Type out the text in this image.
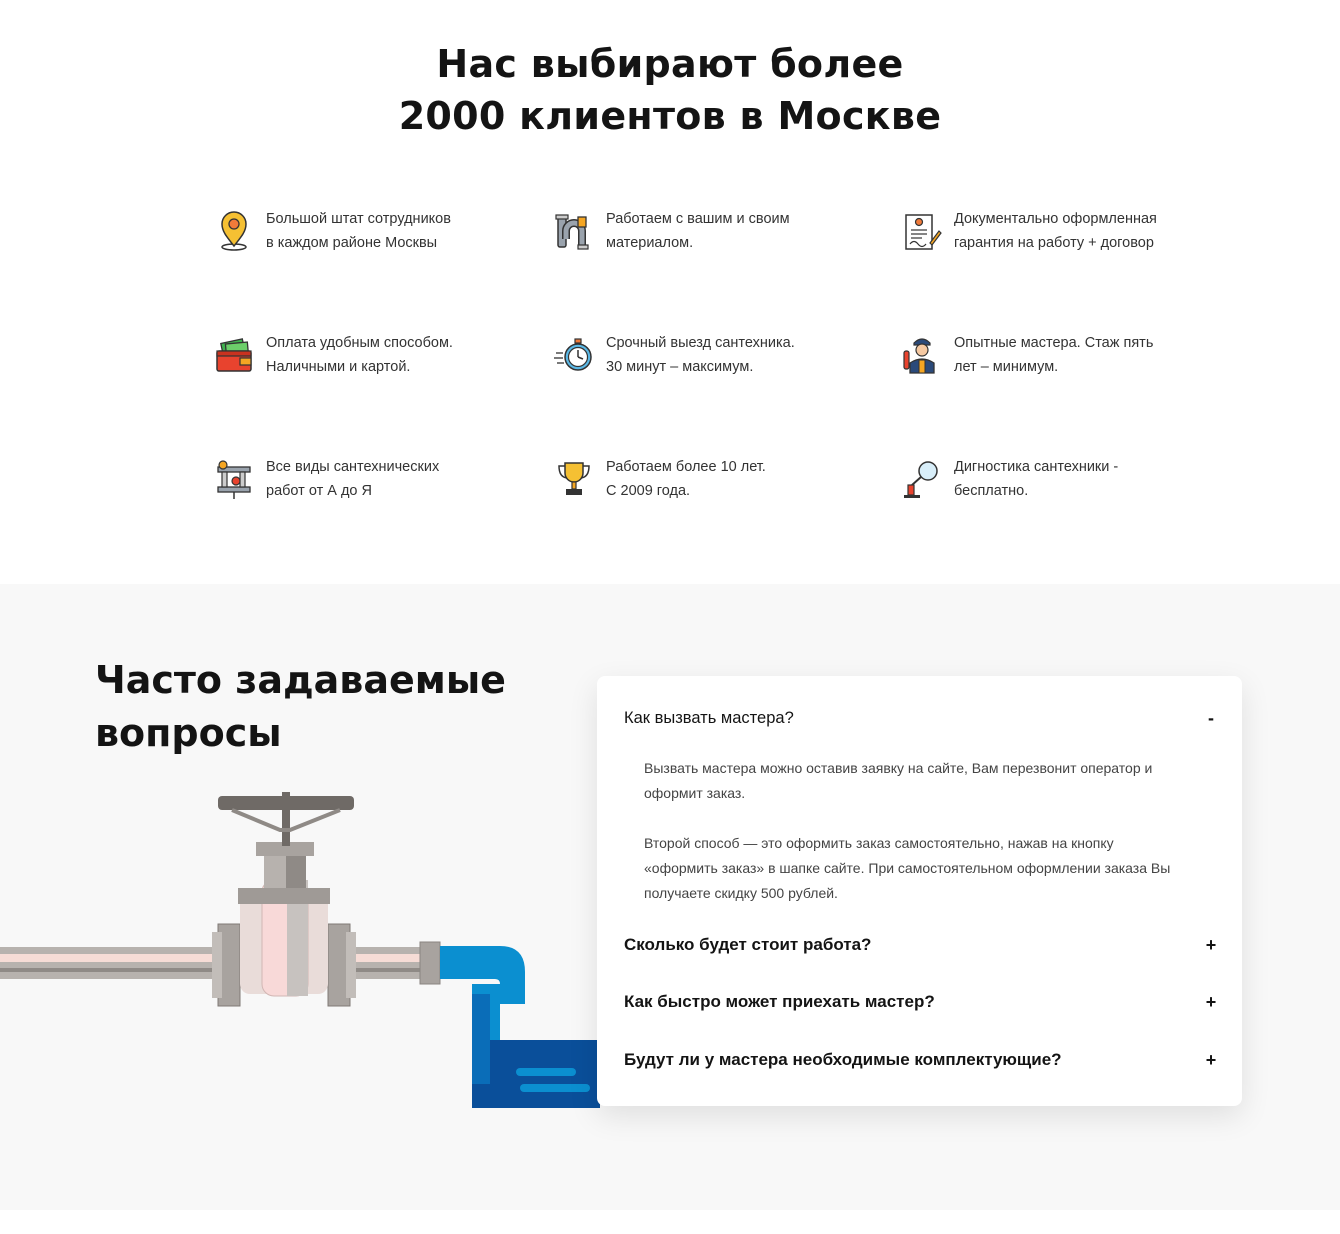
Нас выбирают более
2000 клиентов в Москве
Большой штат сотрудников
в каждом районе Москвы
Работаем с вашим и своим
материалом.
Документально оформленная
гарантия на работу + договор
Оплата удобным способом.
Наличными и картой.
Срочный выезд сантехника.
30 минут – максимум.
Опытные мастера. Стаж пять
лет – минимум.
Все виды сантехнических
работ от А до Я
Работаем более 10 лет.
С 2009 года.
Дигностика сантехники -
бесплатно.
Часто задаваемые
вопросы	Как вызвать мастера?	-

Вызвать мастера можно оставив заявку на сайте, Вам перезвонит оператор и оформит заказ.

Второй способ — это оформить заказ самостоятельно, нажав на кнопку «оформить заказ» в шапке сайте. При самостоятельном оформлении заказа Вы получаете скидку 500 рублей.

Сколько будет стоит работа?	+
Как быстро может приехать мастер?	+
Будут ли у мастера необходимые комплектующие?	+
